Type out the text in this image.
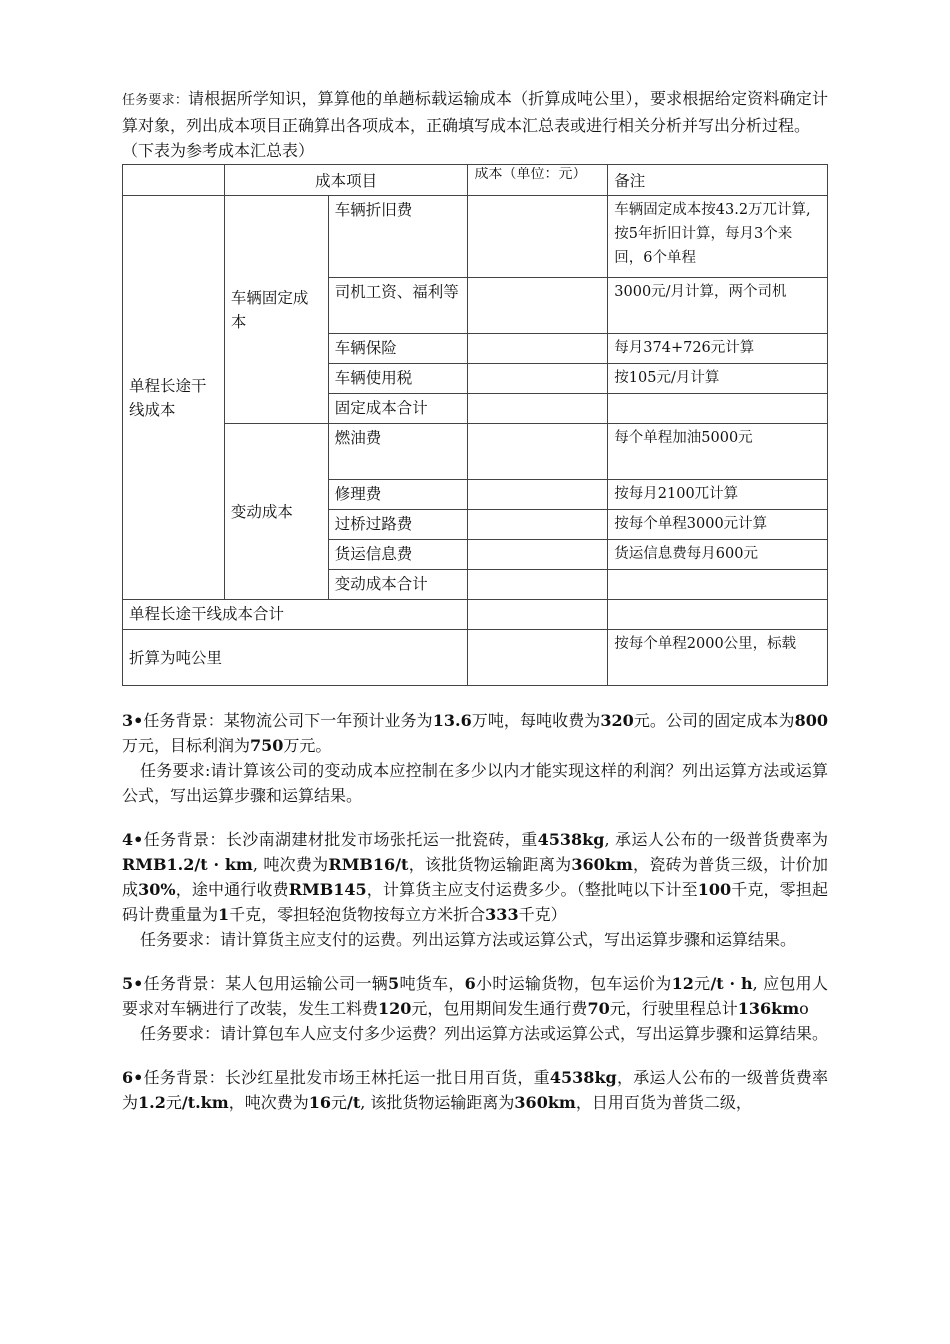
任务要求：请根据所学知识，算算他的单趟标载运输成本（折算成吨公里），要求根据给定资料确定计算对象，列出成本项目正确算出各项成本，正确填写成本汇总表或进行相关分析并写出分析过程。

（下表为参考成本汇总表）

	成本项目		成本（单位：元）	备注
单程长途干线成本	车辆固定成本	车辆折旧费		车辆固定成本按43.2万兀计算,按5年折旧计算，每月3个来回，6个单程
		司机工资、福利等		3000元/月计算，两个司机
		车辆保险		每月374+726元计算
		车辆使用税		按105元/月计算
		固定成本合计		
	变动成本	燃油费		每个单程加油5000元
		修理费		按每月2100兀计算
		过桥过路费		按每个单程3000元计算
		货运信息费		货运信息费每月600元
		变动成本合计		
单程长途干线成本合计				
折算为吨公里				按每个单程2000公里，标载

3•任务背景：某物流公司下一年预计业务为13.6万吨，每吨收费为320元。公司的固定成本为800万元，目标利润为750万元。

任务要求:请计算该公司的变动成本应控制在多少以内才能实现这样的利润？列出运算方法或运算公式，写出运算步骤和运算结果。

4•任务背景：长沙南湖建材批发市场张托运一批瓷砖，重4538kg, 承运人公布的一级普货费率为RMB1.2/t · km, 吨次费为RMB16/t，该批货物运输距离为360km，瓷砖为普货三级，计价加成30%，途中通行收费RMB145，计算货主应支付运费多少。（整批吨以下计至100千克，零担起码计费重量为1千克，零担轻泡货物按每立方米折合333千克）

任务要求：请计算货主应支付的运费。列出运算方法或运算公式，写出运算步骤和运算结果。

5•任务背景：某人包用运输公司一辆5吨货车，6小时运输货物，包车运价为12元/t · h, 应包用人要求对车辆进行了改装，发生工料费120元，包用期间发生通行费70元，行驶里程总计136kmo

任务要求：请计算包车人应支付多少运费？列出运算方法或运算公式，写出运算步骤和运算结果。

6•任务背景：长沙红星批发市场王林托运一批日用百货，重4538kg，承运人公布的一级普货费率为1.2元/t.km，吨次费为16元/t, 该批货物运输距离为360km，日用百货为普货二级，
